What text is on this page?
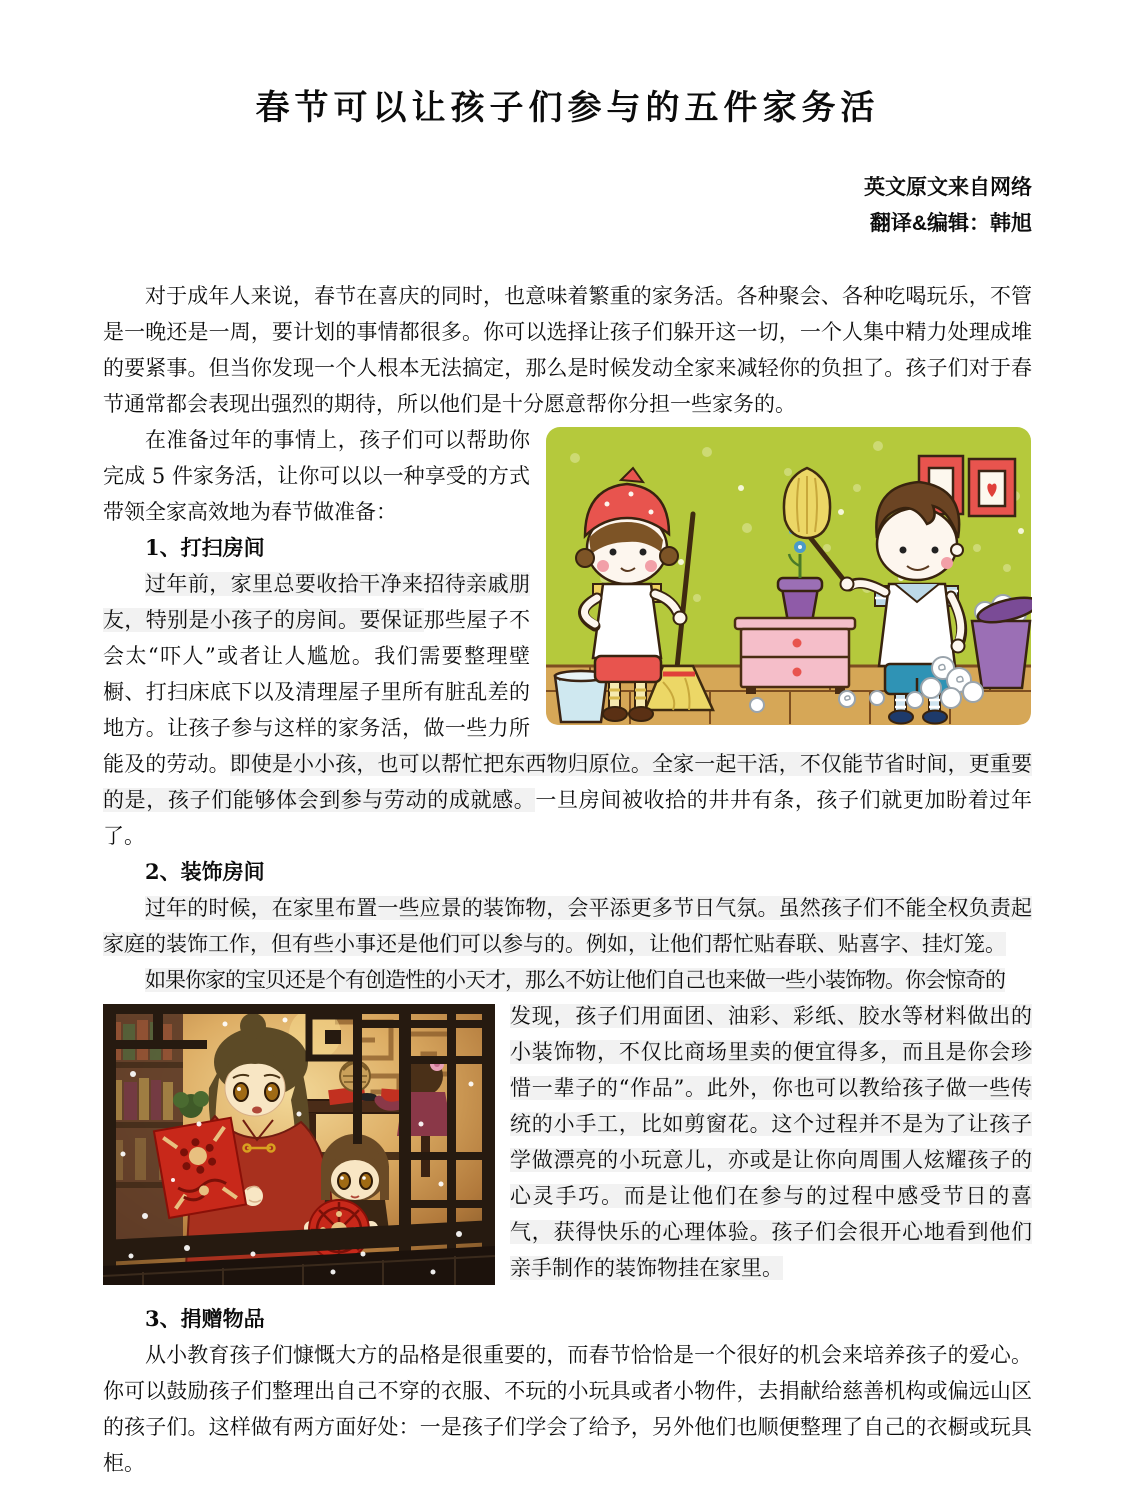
春节可以让孩子们参与的五件家务活
英文原文来自网络
翻译&编辑：韩旭

对于成年人来说，春节在喜庆的同时，也意味着繁重的家务活。各种聚会、各种吃喝玩乐，不管是一晚还是一周，要计划的事情都很多。你可以选择让孩子们躲开这一切，一个人集中精力处理成堆的要紧事。但当你发现一个人根本无法搞定，那么是时候发动全家来减轻你的负担了。孩子们对于春节通常都会表现出强烈的期待，所以他们是十分愿意帮你分担一些家务的。

在准备过年的事情上，孩子们可以帮助你完成 5 件家务活，让你可以以一种享受的方式带领全家高效地为春节做准备：

1、打扫房间

过年前，家里总要收拾干净来招待亲戚朋友，特别是小孩子的房间。要保证那些屋子不会太“吓人”或者让人尴尬。我们需要整理壁橱、打扫床底下以及清理屋子里所有脏乱差的地方。让孩子参与这样的家务活，做一些力所能及的劳动。即使是小小孩，也可以帮忙把东西物归原位。全家一起干活，不仅能节省时间，更重要的是，孩子们能够体会到参与劳动的成就感。一旦房间被收拾的井井有条，孩子们就更加盼着过年了。

2、装饰房间

过年的时候，在家里布置一些应景的装饰物，会平添更多节日气氛。虽然孩子们不能全权负责起家庭的装饰工作，但有些小事还是他们可以参与的。例如，让他们帮忙贴春联、贴喜字、挂灯笼。

如果你家的宝贝还是个有创造性的小天才，那么不妨让他们自己也来做一些小装饰物。你会惊奇的

发现，孩子们用面团、油彩、彩纸、胶水等材料做出的小装饰物，不仅比商场里卖的便宜得多，而且是你会珍惜一辈子的“作品”。此外，你也可以教给孩子做一些传统的小手工，比如剪窗花。这个过程并不是为了让孩子学做漂亮的小玩意儿，亦或是让你向周围人炫耀孩子的心灵手巧。而是让他们在参与的过程中感受节日的喜气，获得快乐的心理体验。孩子们会很开心地看到他们亲手制作的装饰物挂在家里。

3、捐赠物品

从小教育孩子们慷慨大方的品格是很重要的，而春节恰恰是一个很好的机会来培养孩子的爱心。你可以鼓励孩子们整理出自己不穿的衣服、不玩的小玩具或者小物件，去捐献给慈善机构或偏远山区的孩子们。这样做有两方面好处：一是孩子们学会了给予，另外他们也顺便整理了自己的衣橱或玩具柜。
